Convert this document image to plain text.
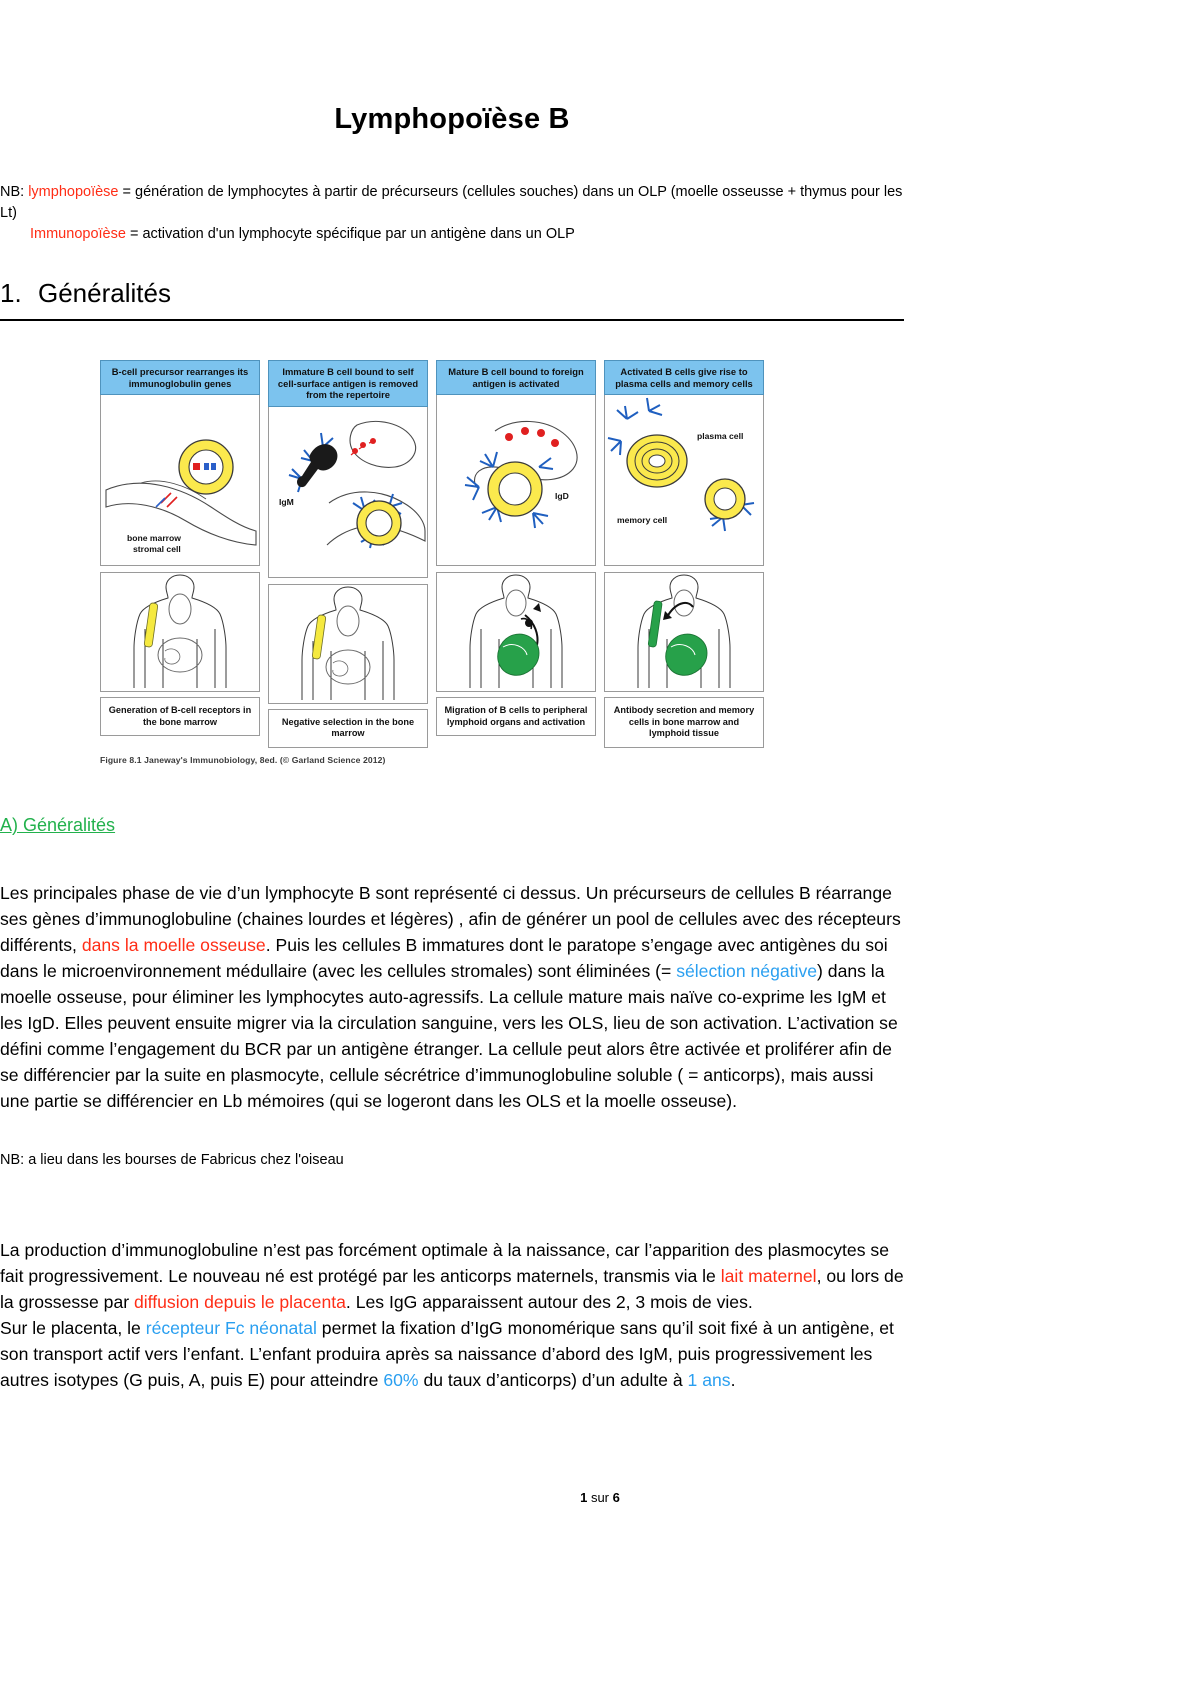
Lymphopoïèse B
NB: lymphopoïèse = génération de lymphocytes à partir de précurseurs (cellules souches) dans un OLP (moelle osseusse + thymus pour les Lt)
Immunopoïèse = activation d'un lymphocyte spécifique par un antigène dans un OLP
1. Généralités
B-cell precursor rearranges its immunoglobulin genes
bone marrow
stromal cell
Generation of B-cell receptors in the bone marrow
Immature B cell bound to self cell-surface antigen is removed from the repertoire
IgM
Negative selection in the bone marrow
Mature B cell bound to foreign antigen is activated
IgD
Migration of B cells to peripheral lymphoid organs and activation
Activated B cells give rise to plasma cells and memory cells
plasma cell
memory cell
Antibody secretion and memory cells in bone marrow and lymphoid tissue
Figure 8.1 Janeway's Immunobiology, 8ed. (© Garland Science 2012)
A) Généralités

Les principales phase de vie d’un lymphocyte B sont représenté ci dessus. Un précurseurs de cellules B réarrange ses gènes d’immunoglobuline (chaines lourdes et légères) , afin de générer un pool de cellules avec des récepteurs différents, dans la moelle osseuse. Puis les cellules B immatures dont le paratope s’engage avec antigènes du soi dans le microenvironnement médullaire (avec les cellules stromales) sont éliminées (= sélection négative) dans la moelle osseuse, pour éliminer les lymphocytes auto-agressifs. La cellule mature mais naïve co-exprime les IgM et les IgD. Elles peuvent ensuite migrer via la circulation sanguine, vers les OLS, lieu de son activation. L’activation se défini comme l’engagement du BCR par un antigène étranger. La cellule peut alors être activée et proliférer afin de se différencier par la suite en plasmocyte, cellule sécrétrice d’immunoglobuline soluble ( = anticorps), mais aussi une partie se différencier en Lb mémoires (qui se logeront dans les OLS et la moelle osseuse).

NB: a lieu dans les bourses de Fabricus chez l'oiseau

La production d’immunoglobuline n’est pas forcément optimale à la naissance, car l’apparition des plasmocytes se fait progressivement. Le nouveau né est protégé par les anticorps maternels, transmis via le lait maternel, ou lors de la grossesse par diffusion depuis le placenta. Les IgG apparaissent autour des 2, 3 mois de vies.
Sur le placenta, le récepteur Fc néonatal permet la fixation d’IgG monomérique sans qu’il soit fixé à un antigène, et son transport actif vers l’enfant. L’enfant produira après sa naissance d’abord des IgM, puis progressivement les autres isotypes (G puis, A, puis E) pour atteindre 60% du taux d’anticorps) d’un adulte à 1 ans.

1 sur 6
